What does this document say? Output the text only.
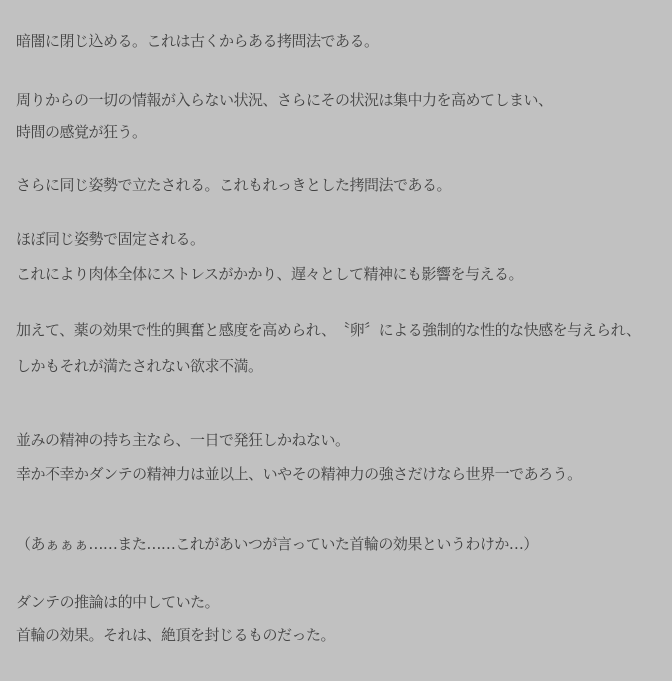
暗闇に閉じ込める。これは古くからある拷問法である。
周りからの一切の情報が入らない状況、さらにその状況は集中力を高めてしまい、
時間の感覚が狂う。
さらに同じ姿勢で立たされる。これもれっきとした拷問法である。
ほぼ同じ姿勢で固定される。
これにより肉体全体にストレスがかかり、遅々として精神にも影響を与える。
加えて、薬の効果で性的興奮と感度を高められ、　〝卵〞による強制的な性的な快感を与えられ、
しかもそれが満たされない欲求不満。
並みの精神の持ち主なら、一日で発狂しかねない。
幸か不幸かダンテの精神力は並以上、いやその精神力の強さだけなら世界一であろう。
（あぁぁぁ……また……これがあいつが言っていた首輪の効果というわけか…）
ダンテの推論は的中していた。
首輪の効果。それは、絶頂を封じるものだった。
